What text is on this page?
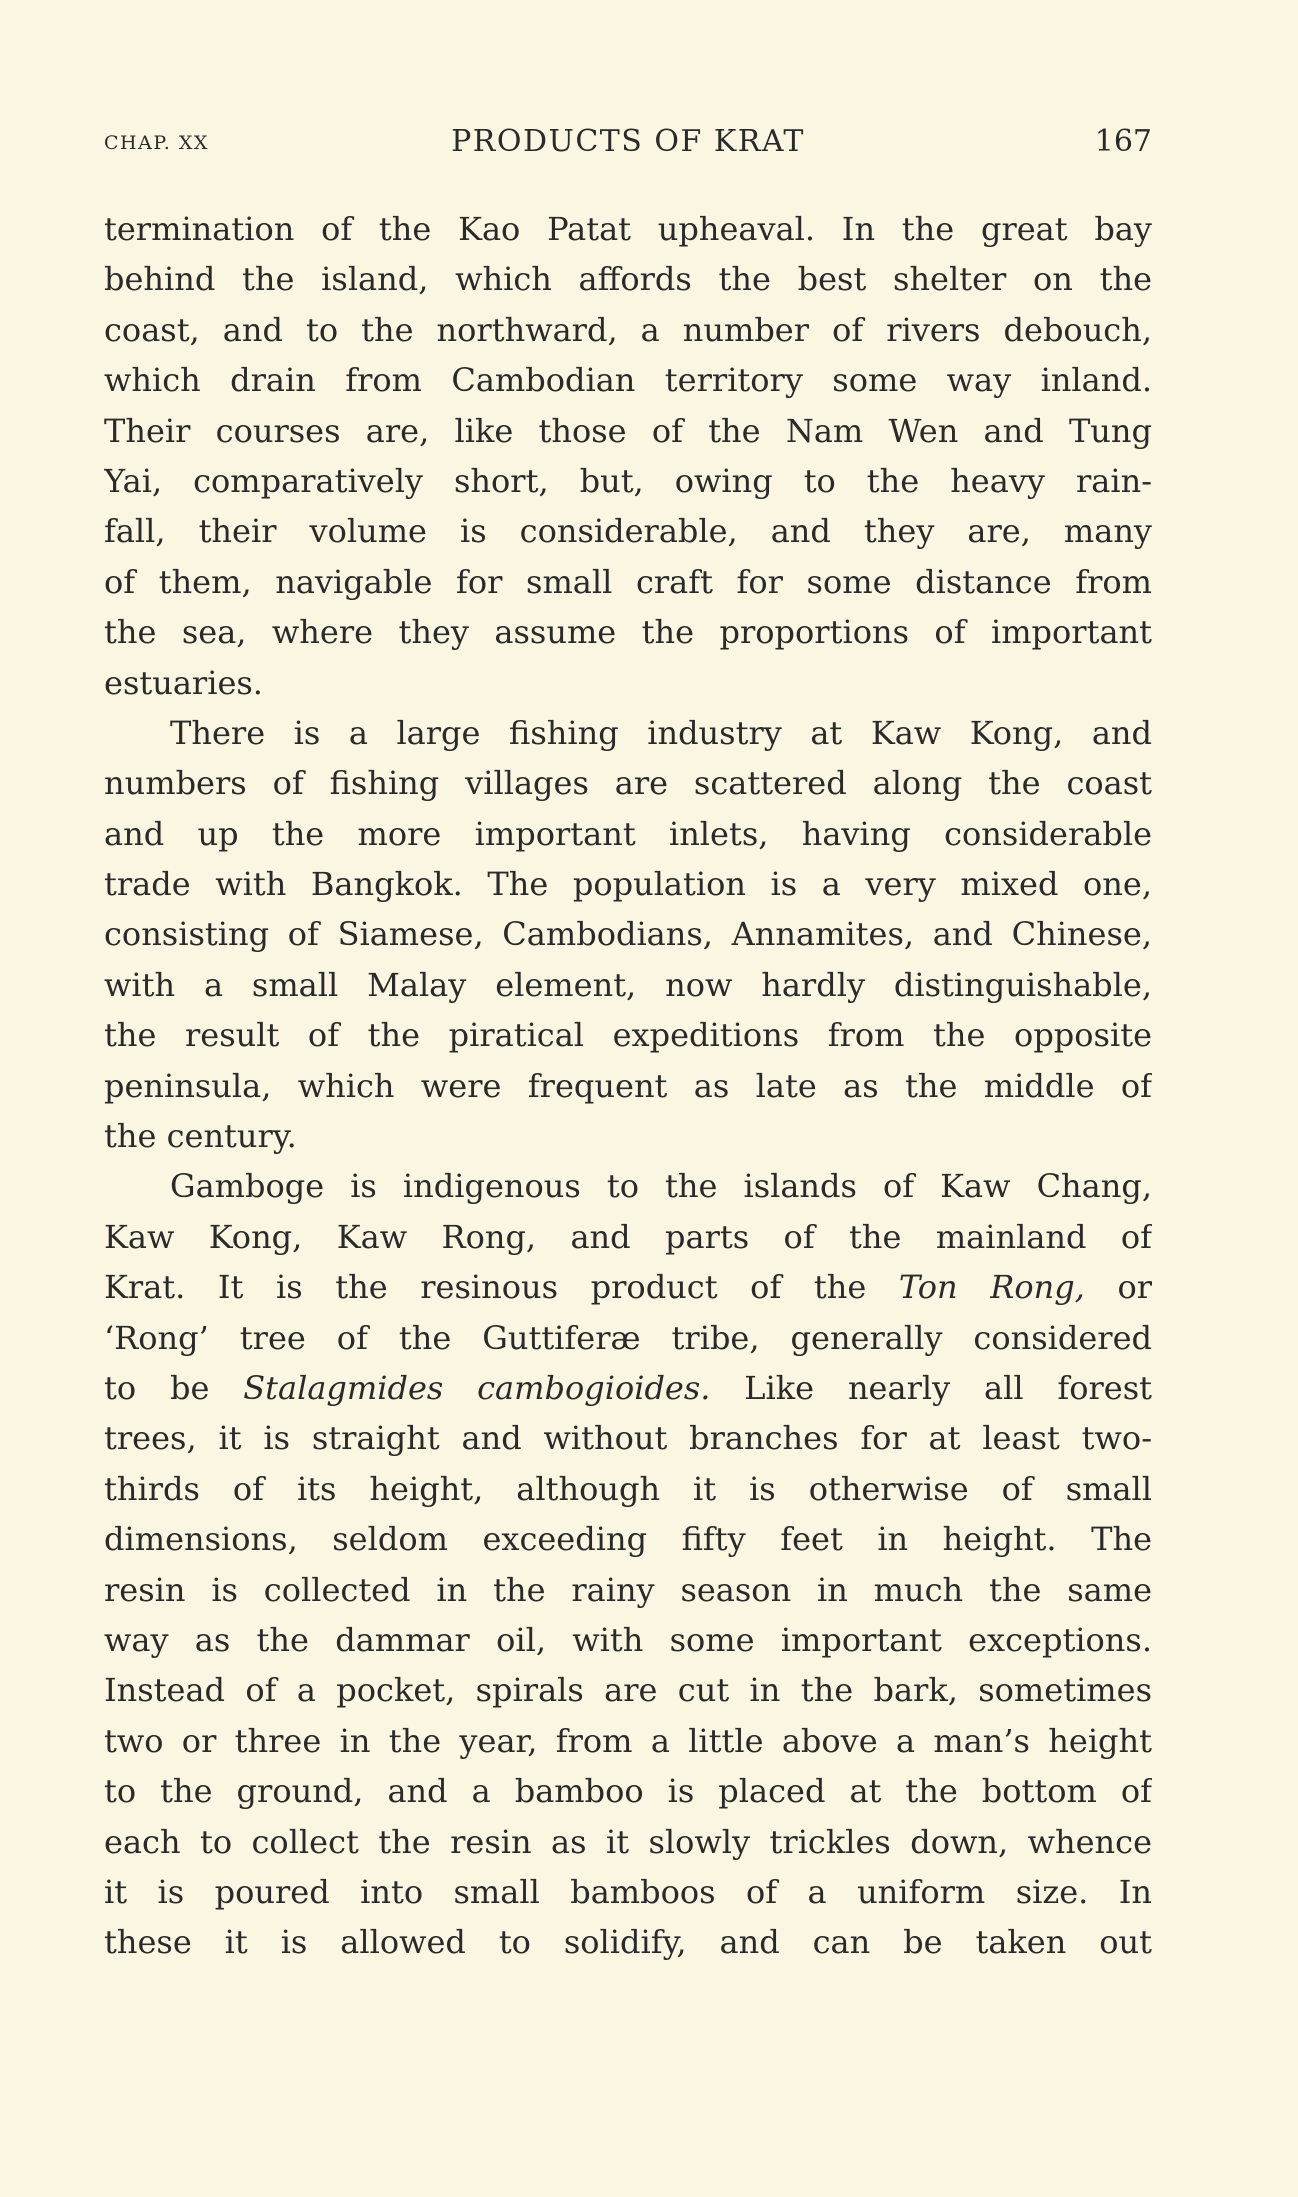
CHAP. XX	PRODUCTS OF KRAT	167
termination of the Kao Patat upheaval. In the great bay
behind the island, which affords the best shelter on the
coast, and to the northward, a number of rivers debouch,
which drain from Cambodian territory some way inland.
Their courses are, like those of the Nam Wen and Tung
Yai, comparatively short, but, owing to the heavy rain-
fall, their volume is considerable, and they are, many
of them, navigable for small craft for some distance from
the sea, where they assume the proportions of important
estuaries.
There is a large fishing industry at Kaw Kong, and
numbers of fishing villages are scattered along the coast
and up the more important inlets, having considerable
trade with Bangkok. The population is a very mixed one,
consisting of Siamese, Cambodians, Annamites, and Chinese,
with a small Malay element, now hardly distinguishable,
the result of the piratical expeditions from the opposite
peninsula, which were frequent as late as the middle of
the century.
Gamboge is indigenous to the islands of Kaw Chang,
Kaw Kong, Kaw Rong, and parts of the mainland of
Krat. It is the resinous product of the Ton Rong, or
‘Rong’ tree of the Guttiferæ tribe, generally considered
to be Stalagmides cambogioides. Like nearly all forest
trees, it is straight and without branches for at least two-
thirds of its height, although it is otherwise of small
dimensions, seldom exceeding fifty feet in height. The
resin is collected in the rainy season in much the same
way as the dammar oil, with some important exceptions.
Instead of a pocket, spirals are cut in the bark, sometimes
two or three in the year, from a little above a man’s height
to the ground, and a bamboo is placed at the bottom of
each to collect the resin as it slowly trickles down, whence
it is poured into small bamboos of a uniform size. In
these it is allowed to solidify, and can be taken out
